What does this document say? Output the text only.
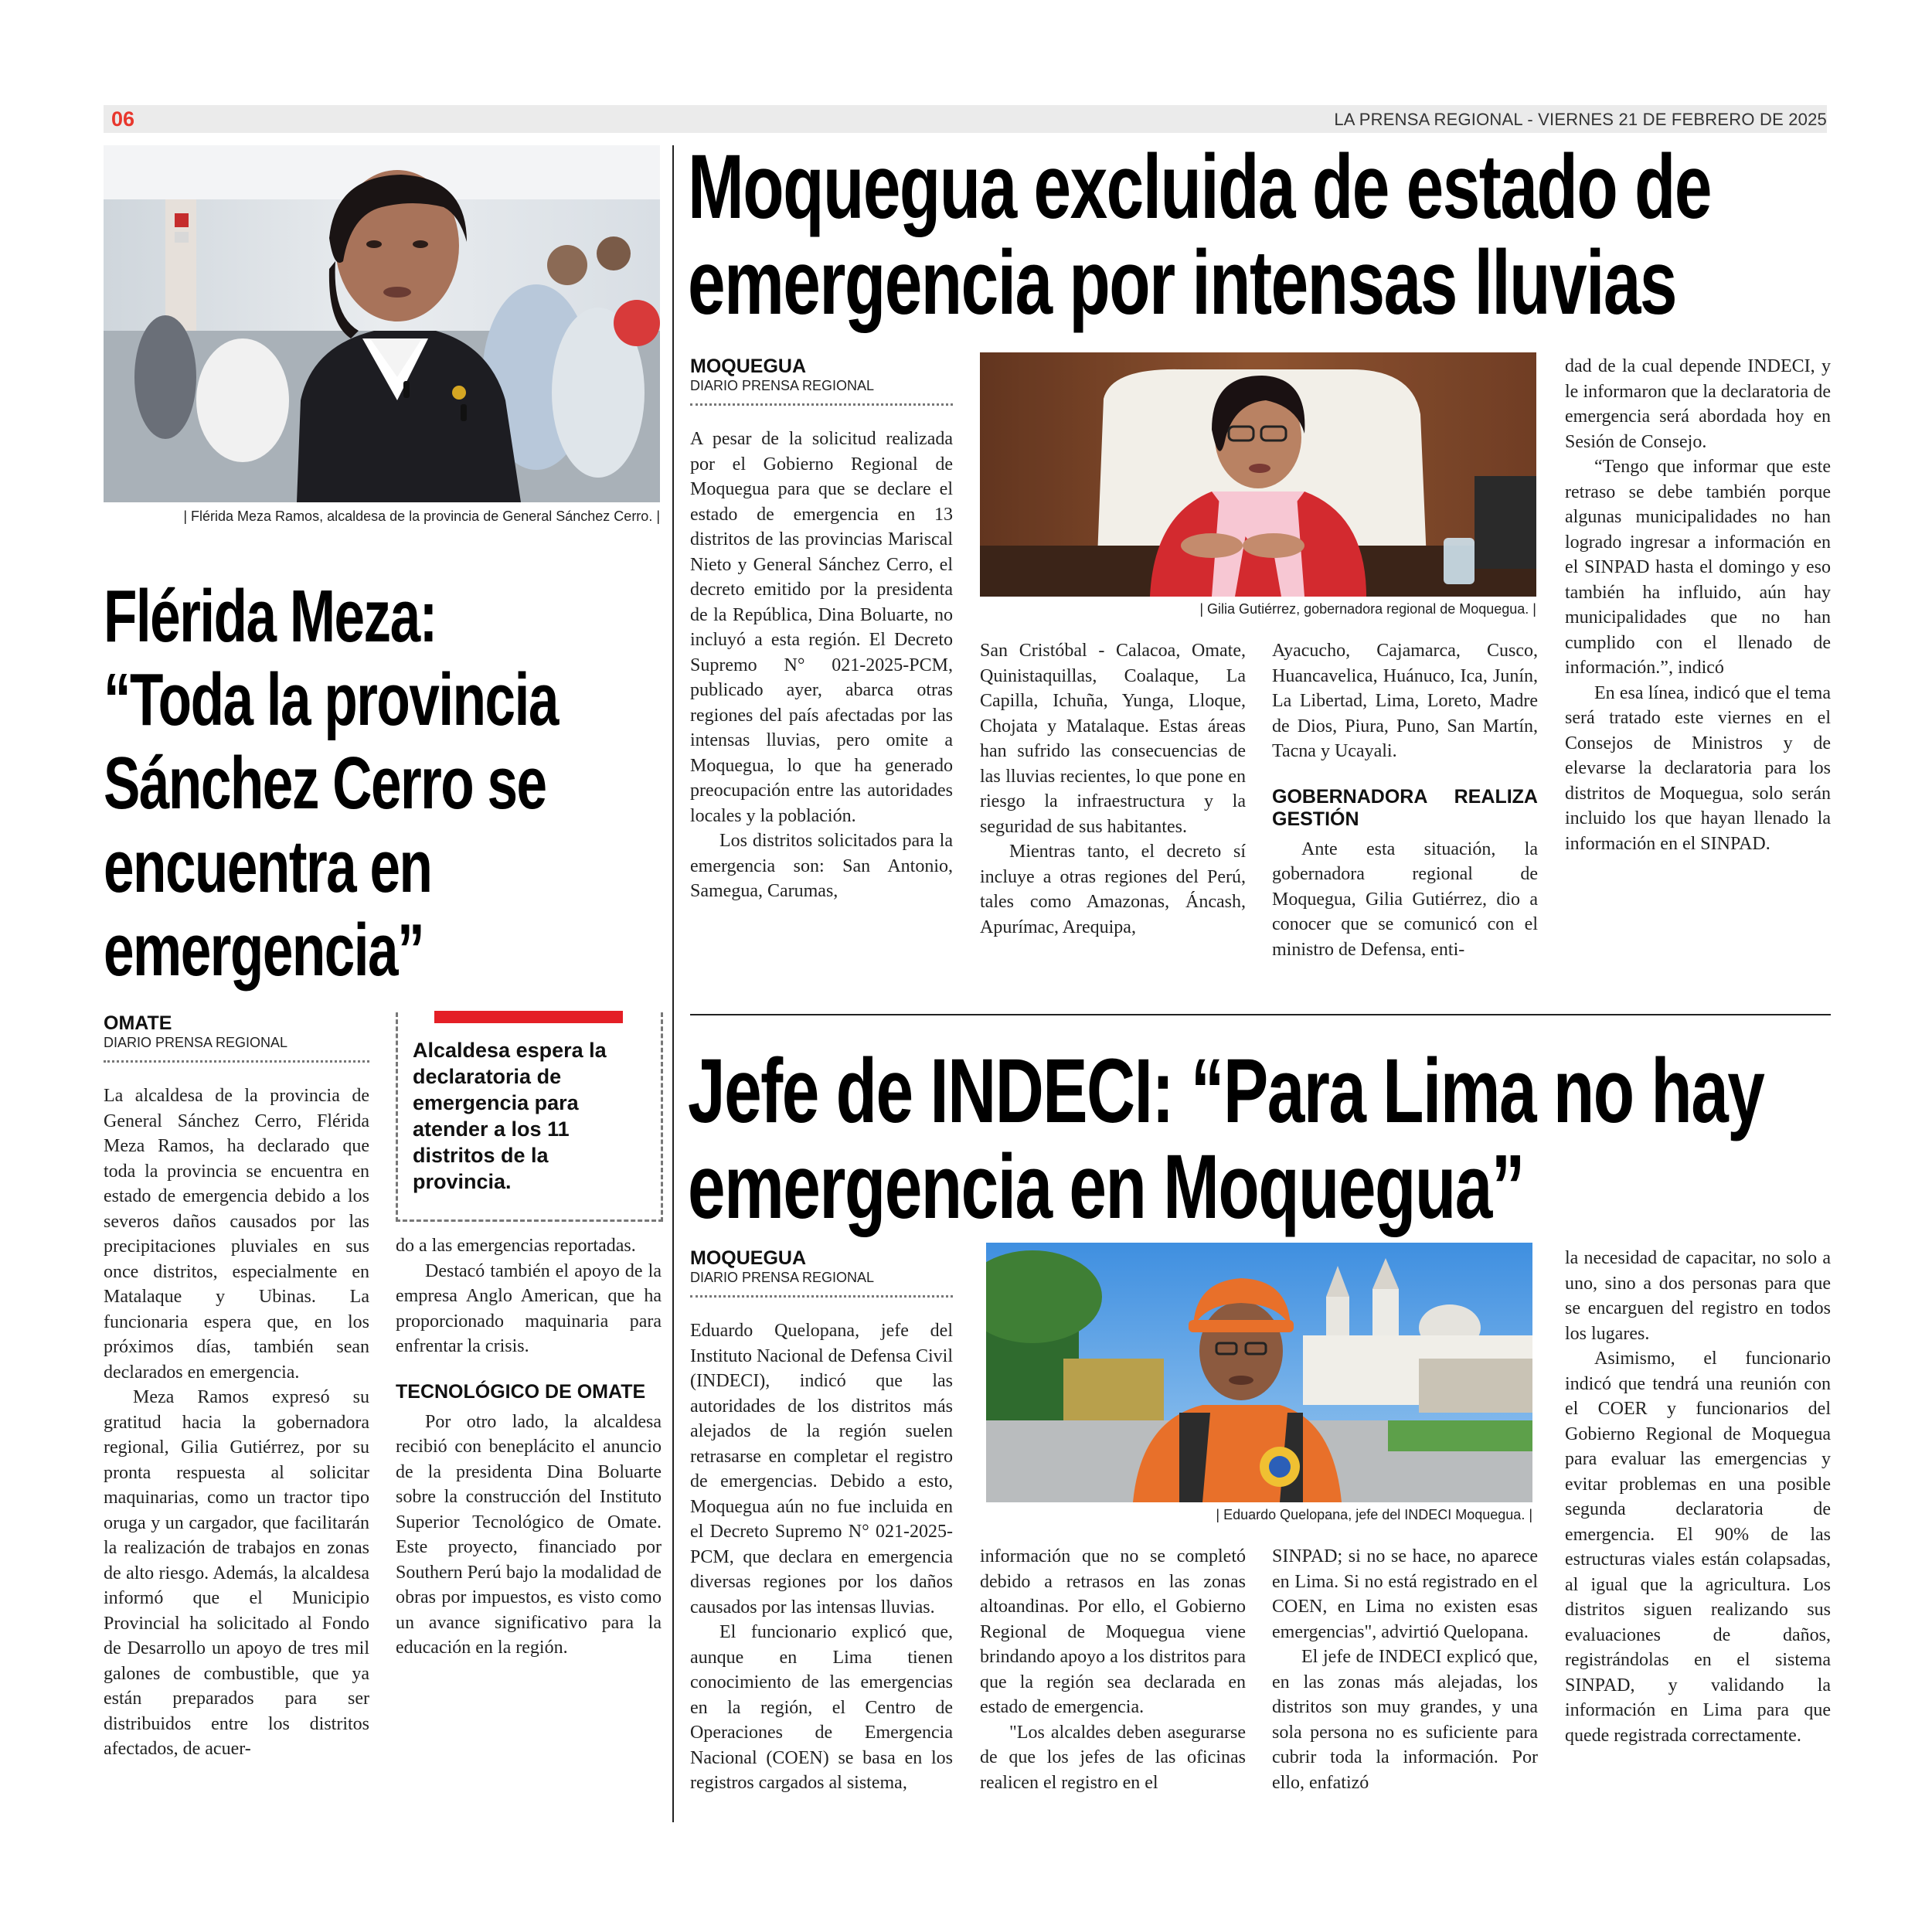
06	LA PRENSA REGIONAL - VIERNES 21 DE FEBRERO DE 2025
| Flérida Meza Ramos, alcaldesa de la provincia de General Sánchez Cerro. |
Flérida Meza:
“Toda la provincia
Sánchez Cerro se
encuentra en
emergencia”
OMATE
DIARIO PRENSA REGIONAL

La alcaldesa de la provincia de General Sánchez Cerro, Flérida Meza Ramos, ha declarado que toda la provincia se encuentra en estado de emergencia debido a los severos daños causados por las precipitaciones pluviales en sus once distritos, especialmente en Matalaque y Ubinas. La funcionaria espera que, en los próximos días, también sean declarados en emergencia.

Meza Ramos expresó su gratitud hacia la gobernadora regional, Gilia Gutiérrez, por su pronta respuesta al solicitar maquinarias, como un tractor tipo oruga y un cargador, que facilitarán la realización de trabajos en zonas de alto riesgo. Además, la alcaldesa informó que el Municipio Provincial ha solicitado al Fondo de Desarrollo un apoyo de tres mil galones de combustible, que ya están preparados para ser distribuidos entre los distritos afectados, de acuer-

Alcaldesa espera la declaratoria de emergencia para atender a los 11 distritos de la provincia.

do a las emergencias reportadas.

Destacó también el apoyo de la empresa Anglo American, que ha proporcionado maquinaria para enfrentar la crisis.

TECNOLÓGICO DE OMATE

Por otro lado, la alcaldesa recibió con beneplácito el anuncio de la presidenta Dina Boluarte sobre la construcción del Instituto Superior Tecnológico de Omate. Este proyecto, financiado por Southern Perú bajo la modalidad de obras por impuestos, es visto como un avance significativo para la educación en la región.

Moquegua excluida de estado de
emergencia por intensas lluvias
MOQUEGUA
DIARIO PRENSA REGIONAL

A pesar de la solicitud realizada por el Gobierno Regional de Moquegua para que se declare el estado de emergencia en 13 distritos de las provincias Mariscal Nieto y General Sánchez Cerro, el decreto emitido por la presidenta de la República, Dina Boluarte, no incluyó a esta región. El Decreto Supremo N° 021-2025-PCM, publicado ayer, abarca otras regiones del país afectadas por las intensas lluvias, pero omite a Moquegua, lo que ha generado preocupación entre las autoridades locales y la población.

Los distritos solicitados para la emergencia son: San Antonio, Samegua, Carumas,

| Gilia Gutiérrez, gobernadora regional de Moquegua. |

San Cristóbal - Calacoa, Omate, Quinistaquillas, Coalaque, La Capilla, Ichuña, Yunga, Lloque, Chojata y Matalaque. Estas áreas han sufrido las consecuencias de las lluvias recientes, lo que pone en riesgo la infraestructura y la seguridad de sus habitantes.

Mientras tanto, el decreto sí incluye a otras regiones del Perú, tales como Amazonas, Áncash, Apurímac, Arequipa,

Ayacucho, Cajamarca, Cusco, Huancavelica, Huánuco, Ica, Junín, La Libertad, Lima, Loreto, Madre de Dios, Piura, Puno, San Martín, Tacna y Ucayali.

GOBERNADORA REALIZA GESTIÓN

Ante esta situación, la gobernadora regional de Moquegua, Gilia Gutiérrez, dio a conocer que se comunicó con el ministro de Defensa, enti-

dad de la cual depende INDECI, y le informaron que la declaratoria de emergencia será abordada hoy en Sesión de Consejo.

“Tengo que informar que este retraso se debe también porque algunas municipalidades no han logrado ingresar a información en el SINPAD hasta el domingo y eso también ha influido, aún hay municipalidades que no han cumplido con el llenado de información.”, indicó

En esa línea, indicó que el tema será tratado este viernes en el Consejos de Ministros y de elevarse la declaratoria para los distritos de Moquegua, solo serán incluido los que hayan llenado la información en el SINPAD.

Jefe de INDECI: “Para Lima no hay
emergencia en Moquegua”
MOQUEGUA
DIARIO PRENSA REGIONAL

Eduardo Quelopana, jefe del Instituto Nacional de Defensa Civil (INDECI), indicó que las autoridades de los distritos más alejados de la región suelen retrasarse en completar el registro de emergencias. Debido a esto, Moquegua aún no fue incluida en el Decreto Supremo N° 021-2025-PCM, que declara en emergencia diversas regiones por los daños causados por las intensas lluvias.

El funcionario explicó que, aunque en Lima tienen conocimiento de las emergencias en la región, el Centro de Operaciones de Emergencia Nacional (COEN) se basa en los registros cargados al sistema,

| Eduardo Quelopana, jefe del INDECI Moquegua. |

información que no se completó debido a retrasos en las zonas altoandinas. Por ello, el Gobierno Regional de Moquegua viene brindando apoyo a los distritos para que la región sea declarada en estado de emergencia.

"Los alcaldes deben asegurarse de que los jefes de las oficinas realicen el registro en el

SINPAD; si no se hace, no aparece en Lima. Si no está registrado en el COEN, en Lima no existen esas emergencias", advirtió Quelopana.

El jefe de INDECI explicó que, en las zonas más alejadas, los distritos son muy grandes, y una sola persona no es suficiente para cubrir toda la información. Por ello, enfatizó

la necesidad de capacitar, no solo a uno, sino a dos personas para que se encarguen del registro en todos los lugares.

Asimismo, el funcionario indicó que tendrá una reunión con el COER y funcionarios del Gobierno Regional de Moquegua para evaluar las emergencias y evitar problemas en una posible segunda declaratoria de emergencia. El 90% de las estructuras viales están colapsadas, al igual que la agricultura. Los distritos siguen realizando sus evaluaciones de daños, registrándolas en el sistema SINPAD, y validando la información en Lima para que quede registrada correctamente.
